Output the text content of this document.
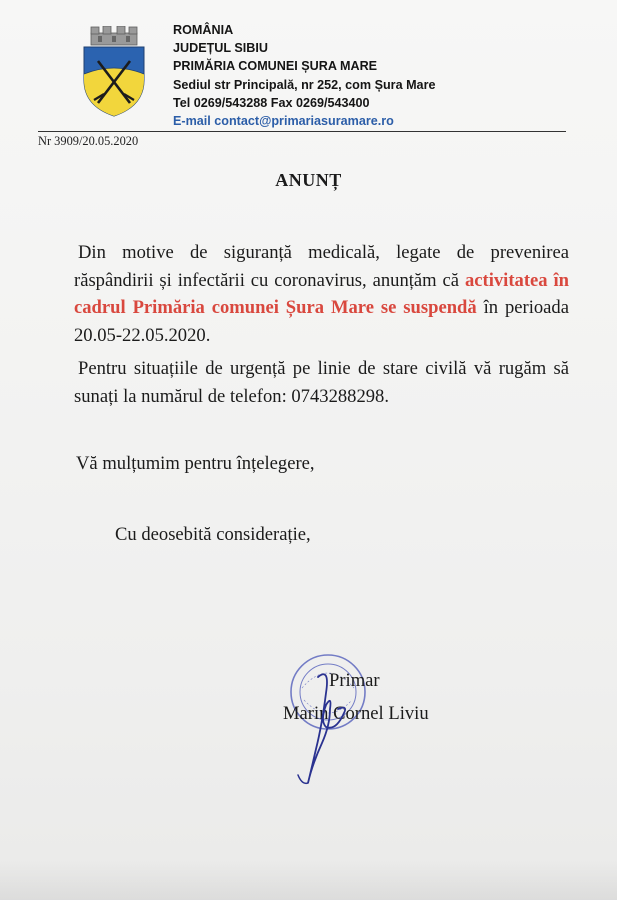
ROMÂNIA
JUDEȚUL SIBIU
PRIMĂRIA COMUNEI ȘURA MARE
Sediul str Principală, nr 252, com Șura Mare
Tel 0269/543288 Fax 0269/543400
E-mail contact@primariasuramare.ro
Nr 3909/20.05.2020
ANUNȚ
Din motive de siguranță medicală, legate de prevenirea răspândirii și infectării cu coronavirus, anunțăm că activitatea în cadrul Primăria comunei Șura Mare se suspendă în perioada 20.05-22.05.2020.
Pentru situațiile de urgență pe linie de stare civilă vă rugăm să sunați la numărul de telefon: 0743288298.
Vă mulțumim pentru înțelegere,
Cu deosebită considerație,
Primar
Marin Cornel Liviu
